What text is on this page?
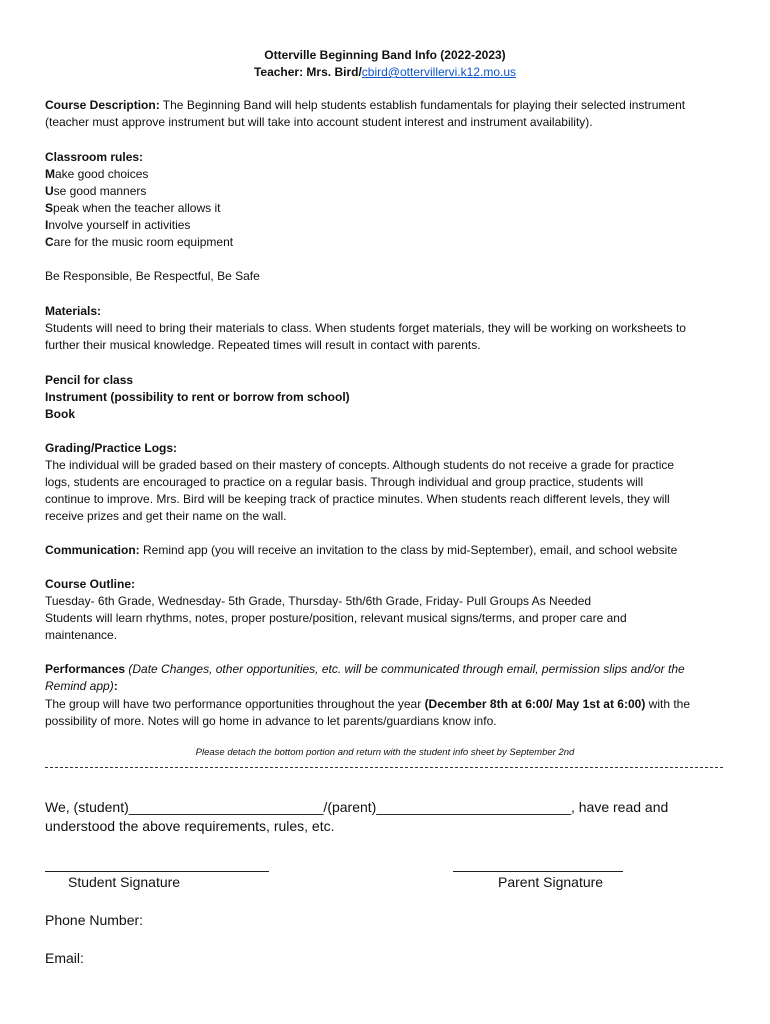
Otterville Beginning Band Info (2022-2023)
Teacher: Mrs. Bird/cbird@ottervillervi.k12.mo.us
Course Description: The Beginning Band will help students establish fundamentals for playing their selected instrument
(teacher must approve instrument but will take into account student interest and instrument availability).
Classroom rules:
Make good choices
Use good manners
Speak when the teacher allows it
Involve yourself in activities
Care for the music room equipment
Be Responsible, Be Respectful, Be Safe
Materials:
Students will need to bring their materials to class. When students forget materials, they will be working on worksheets to
further their musical knowledge. Repeated times will result in contact with parents.
Pencil for class
Instrument (possibility to rent or borrow from school)
Book
Grading/Practice Logs:
The individual will be graded based on their mastery of concepts. Although students do not receive a grade for practice
logs, students are encouraged to practice on a regular basis. Through individual and group practice, students will
continue to improve. Mrs. Bird will be keeping track of practice minutes. When students reach different levels, they will
receive prizes and get their name on the wall.
Communication: Remind app (you will receive an invitation to the class by mid-September), email, and school website
Course Outline:
Tuesday- 6th Grade, Wednesday- 5th Grade, Thursday- 5th/6th Grade, Friday- Pull Groups As Needed
Students will learn rhythms, notes, proper posture/position, relevant musical signs/terms, and proper care and
maintenance.
Performances (Date Changes, other opportunities, etc. will be communicated through email, permission slips and/or the
Remind app):
The group will have two performance opportunities throughout the year (December 8th at 6:00/ May 1st at 6:00) with the
possibility of more. Notes will go home in advance to let parents/guardians know info.
Please detach the bottom portion and return with the student info sheet by September 2nd
We, (student)_________________________/(parent)_________________________, have read and
understood the above requirements, rules, etc.
Student Signature	Parent Signature
Phone Number:
Email:
